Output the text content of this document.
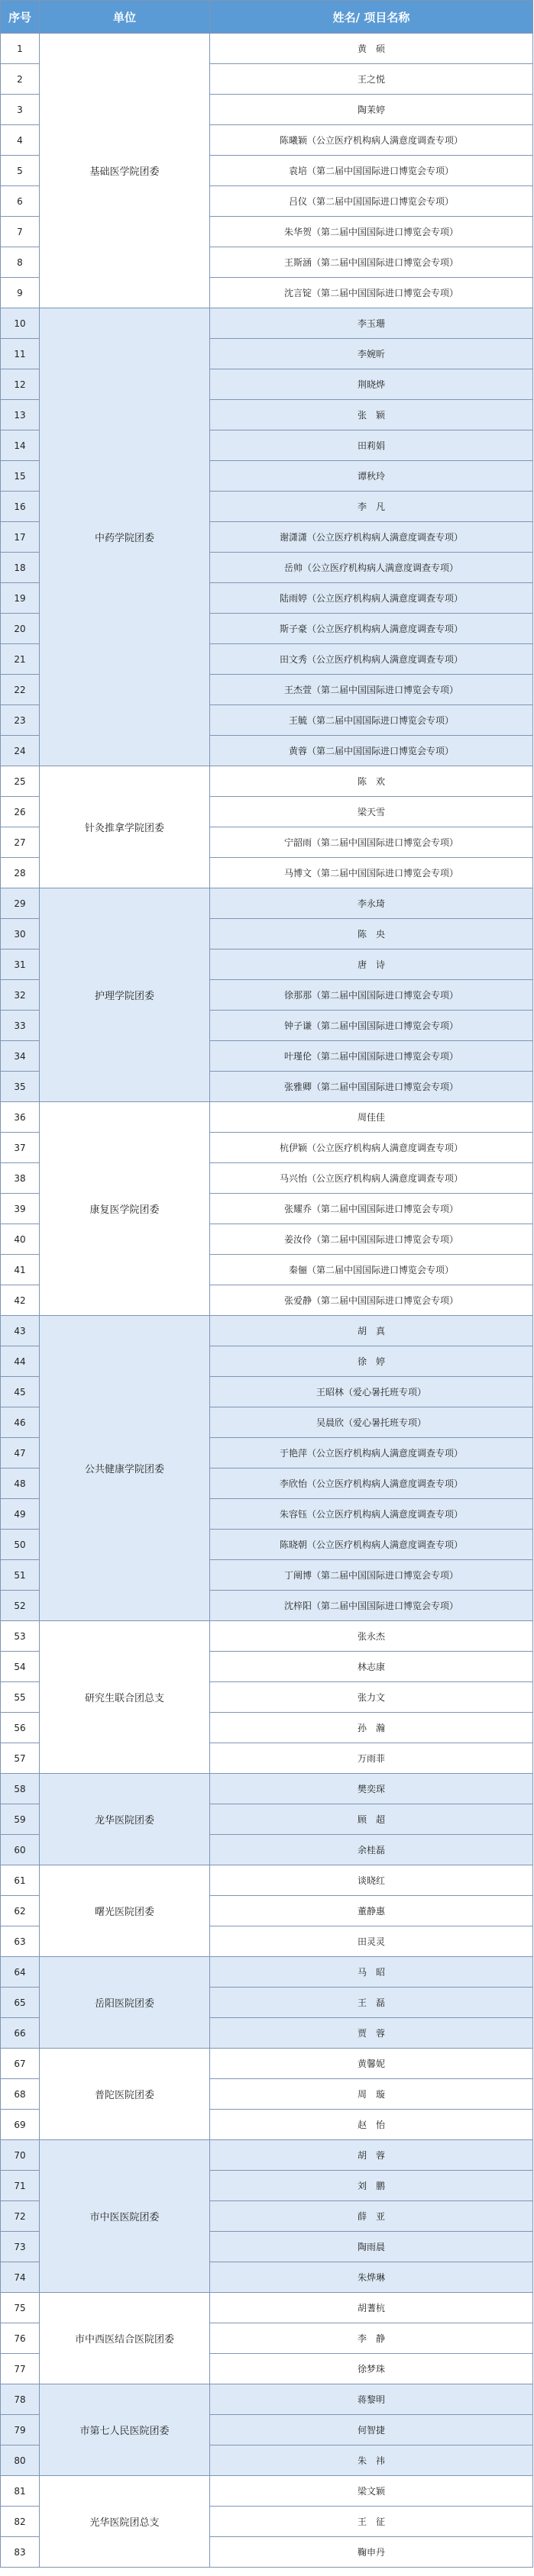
序号	单位	姓名/ 项目名称
1	基础医学院团委	黄　硕
2		王之悦
3		陶茉婷
4		陈曦颖（公立医疗机构病人满意度调查专项）
5		袁培（第二届中国国际进口博览会专项）
6		吕仪（第二届中国国际进口博览会专项）
7		朱华贺（第二届中国国际进口博览会专项）
8		王斯涵（第二届中国国际进口博览会专项）
9		沈言锭（第二届中国国际进口博览会专项）
10	中药学院团委	李玉珊
11		李婉昕
12		荆晓烨
13		张　颖
14		田莉娟
15		谭秋玲
16		李　凡
17		谢潇潇（公立医疗机构病人满意度调查专项）
18		岳帅（公立医疗机构病人满意度调查专项）
19		陆雨婷（公立医疗机构病人满意度调查专项）
20		斯子豪（公立医疗机构病人满意度调查专项）
21		田文秀（公立医疗机构病人满意度调查专项）
22		王杰萱（第二届中国国际进口博览会专项）
23		王毓（第二届中国国际进口博览会专项）
24		黄蓉（第二届中国国际进口博览会专项）
25	针灸推拿学院团委	陈　欢
26		梁天雪
27		宁韶雨（第二届中国国际进口博览会专项）
28		马博文（第二届中国国际进口博览会专项）
29	护理学院团委	李永琦
30		陈　央
31		唐　诗
32		徐那那（第二届中国国际进口博览会专项）
33		钟子谦（第二届中国国际进口博览会专项）
34		叶瑾伦（第二届中国国际进口博览会专项）
35		张雅卿（第二届中国国际进口博览会专项）
36	康复医学院团委	周佳佳
37		杭伊颖（公立医疗机构病人满意度调查专项）
38		马兴怡（公立医疗机构病人满意度调查专项）
39		张耀乔（第二届中国国际进口博览会专项）
40		姜汝伶（第二届中国国际进口博览会专项）
41		秦俪（第二届中国国际进口博览会专项）
42		张爱静（第二届中国国际进口博览会专项）
43	公共健康学院团委	胡　真
44		徐　婷
45		王昭林（爱心暑托班专项）
46		吴晨欣（爱心暑托班专项）
47		于艳萍（公立医疗机构病人满意度调查专项）
48		李欣怡（公立医疗机构病人满意度调查专项）
49		朱容钰（公立医疗机构病人满意度调查专项）
50		陈晓朝（公立医疗机构病人满意度调查专项）
51		丁阐博（第二届中国国际进口博览会专项）
52		沈梓阳（第二届中国国际进口博览会专项）
53	研究生联合团总支	张永杰
54		林志康
55		张力文
56		孙　瀚
57		万雨菲
58	龙华医院团委	樊奕琛
59		顾　超
60		余桂磊
61	曙光医院团委	谈晓红
62		董静惠
63		田灵灵
64	岳阳医院团委	马　昭
65		王　磊
66		贾　蓉
67	普陀医院团委	黄馨妮
68		周　璇
69		赵　怡
70	市中医医院团委	胡　蓉
71		刘　鹏
72		薛　亚
73		陶雨晨
74		朱烨琳
75	市中西医结合医院团委	胡蓍杭
76		李　静
77		徐梦珠
78	市第七人民医院团委	蒋黎明
79		何智捷
80		朱　祎
81	光华医院团总支	梁文颖
82		王　征
83		鞠申丹
